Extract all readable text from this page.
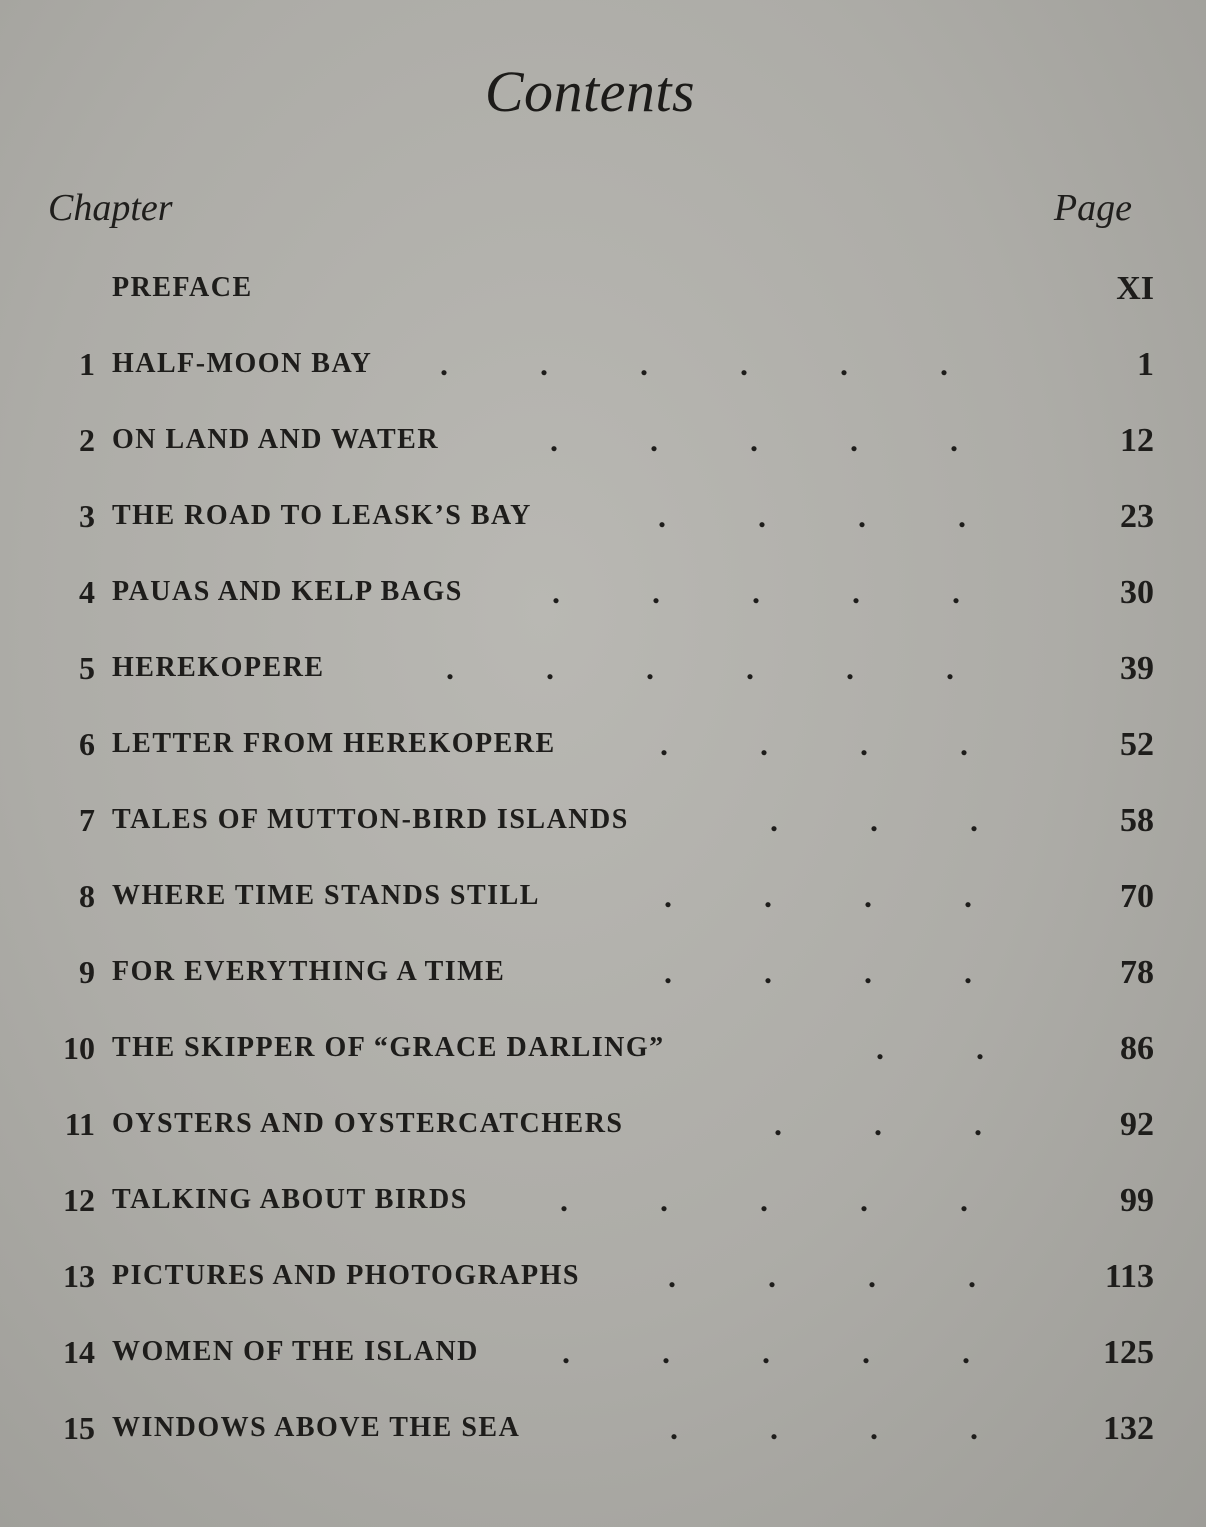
Contents
Chapter	Page
PREFACE	XI
1 HALF-MOON BAY . . . . . .	1
2 ON LAND AND WATER	. . . . .	12
3 THE ROAD TO LEASK’S BAY	. . . .	23
4 PAUAS AND KELP BAGS	. . . . .	30
5 HEREKOPERE	. . . . . .	39
6 LETTER FROM HEREKOPERE	. . . .	52
7 TALES OF MUTTON-BIRD ISLANDS	. . .	58
8 WHERE TIME STANDS STILL	. . . .	70
9 FOR EVERYTHING A TIME	. . . .	78
10 THE SKIPPER OF “GRACE DARLING”	. .	86
11 OYSTERS AND OYSTERCATCHERS	. . .	92
12 TALKING ABOUT BIRDS	. . . . .	99
13 PICTURES AND PHOTOGRAPHS	. . . .	113
14 WOMEN OF THE ISLAND	. . . . .	125
15 WINDOWS ABOVE THE SEA	. . . .	132
